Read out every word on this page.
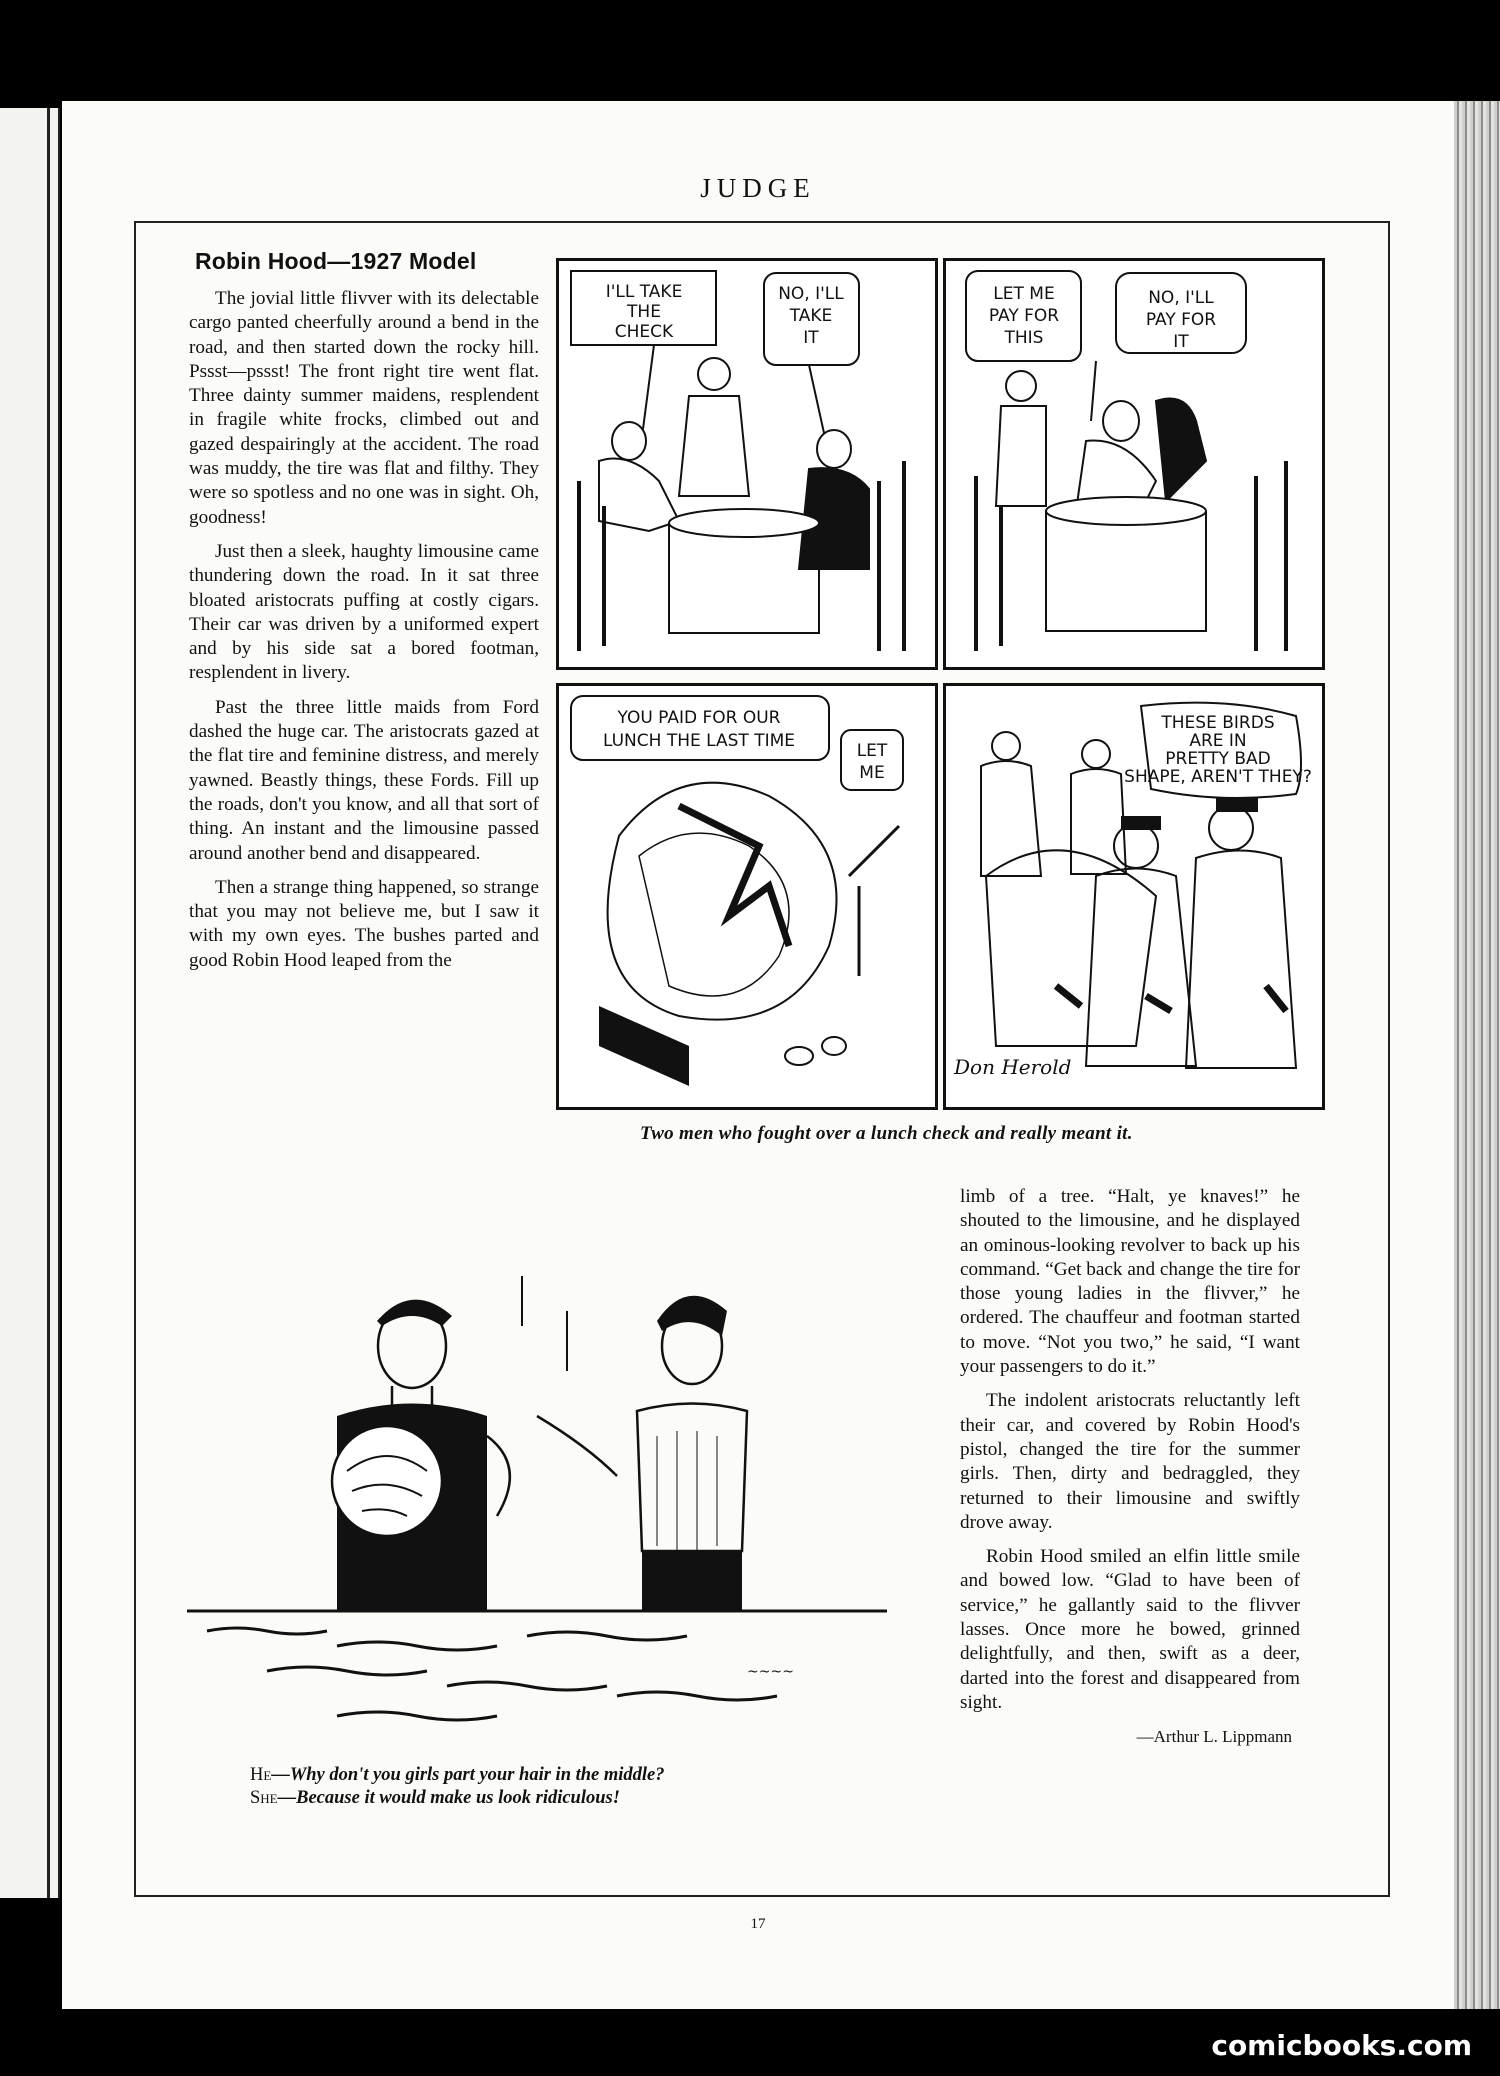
JUDGE
Robin Hood—1927 Model

The jovial little flivver with its delectable cargo panted cheerfully around a bend in the road, and then started down the rocky hill. Pssst—pssst! The front right tire went flat. Three dainty summer maidens, resplendent in fragile white frocks, climbed out and gazed despairingly at the accident. The road was muddy, the tire was flat and filthy. They were so spotless and no one was in sight. Oh, goodness!

Just then a sleek, haughty limousine came thundering down the road. In it sat three bloated aristocrats puffing at costly cigars. Their car was driven by a uniformed expert and by his side sat a bored footman, resplendent in livery.

Past the three little maids from Ford dashed the huge car. The aristocrats gazed at the flat tire and feminine distress, and merely yawned. Beastly things, these Fords. Fill up the roads, don't you know, and all that sort of thing. An instant and the limousine passed around another bend and disappeared.

Then a strange thing happened, so strange that you may not believe me, but I saw it with my own eyes. The bushes parted and good Robin Hood leaped from the

I'LL TAKE
THE
CHECK
NO, I'LL
TAKE
IT
LET ME
PAY FOR
THIS
NO, I'LL
PAY FOR
IT
YOU PAID FOR OUR
LUNCH THE LAST TIME	LET
ME
THESE BIRDS
ARE IN
PRETTY BAD
SHAPE, AREN'T THEY?
Don Herold
Two men who fought over a lunch check and really meant it.
~~~~
He—Why don't you girls part your hair in the middle?
She—Because it would make us look ridiculous!

limb of a tree. “Halt, ye knaves!” he shouted to the limousine, and he displayed an ominous-looking revolver to back up his command. “Get back and change the tire for those young ladies in the flivver,” he ordered. The chauffeur and footman started to move. “Not you two,” he said, “I want your passengers to do it.”

The indolent aristocrats reluctantly left their car, and covered by Robin Hood's pistol, changed the tire for the summer girls. Then, dirty and bedraggled, they returned to their limousine and swiftly drove away.

Robin Hood smiled an elfin little smile and bowed low. “Glad to have been of service,” he gallantly said to the flivver lasses. Once more he bowed, grinned delightfully, and then, swift as a deer, darted into the forest and disappeared from sight.

—Arthur L. Lippmann
17
comicbooks.com
